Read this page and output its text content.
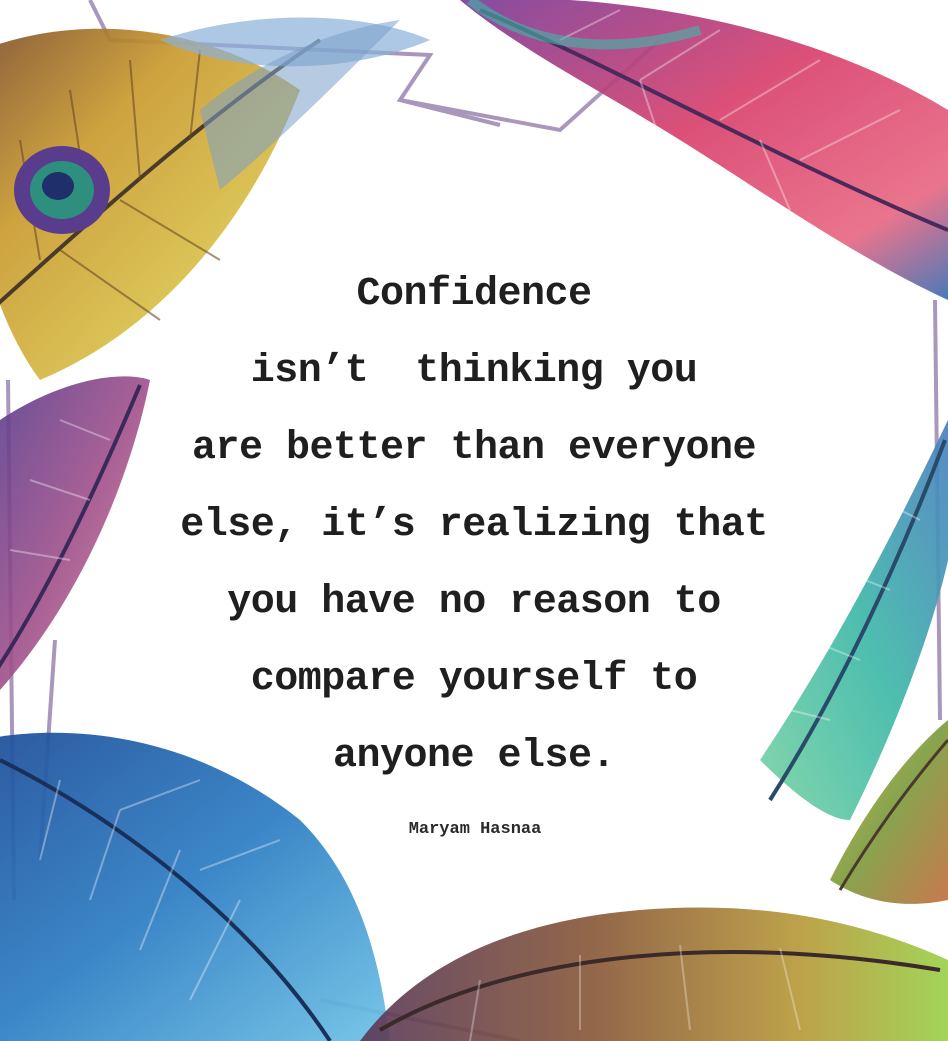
Confidence
isn’t  thinking you
are better than everyone
else, it’s realizing that
you have no reason to
compare yourself to
anyone else.
Maryam Hasnaa
